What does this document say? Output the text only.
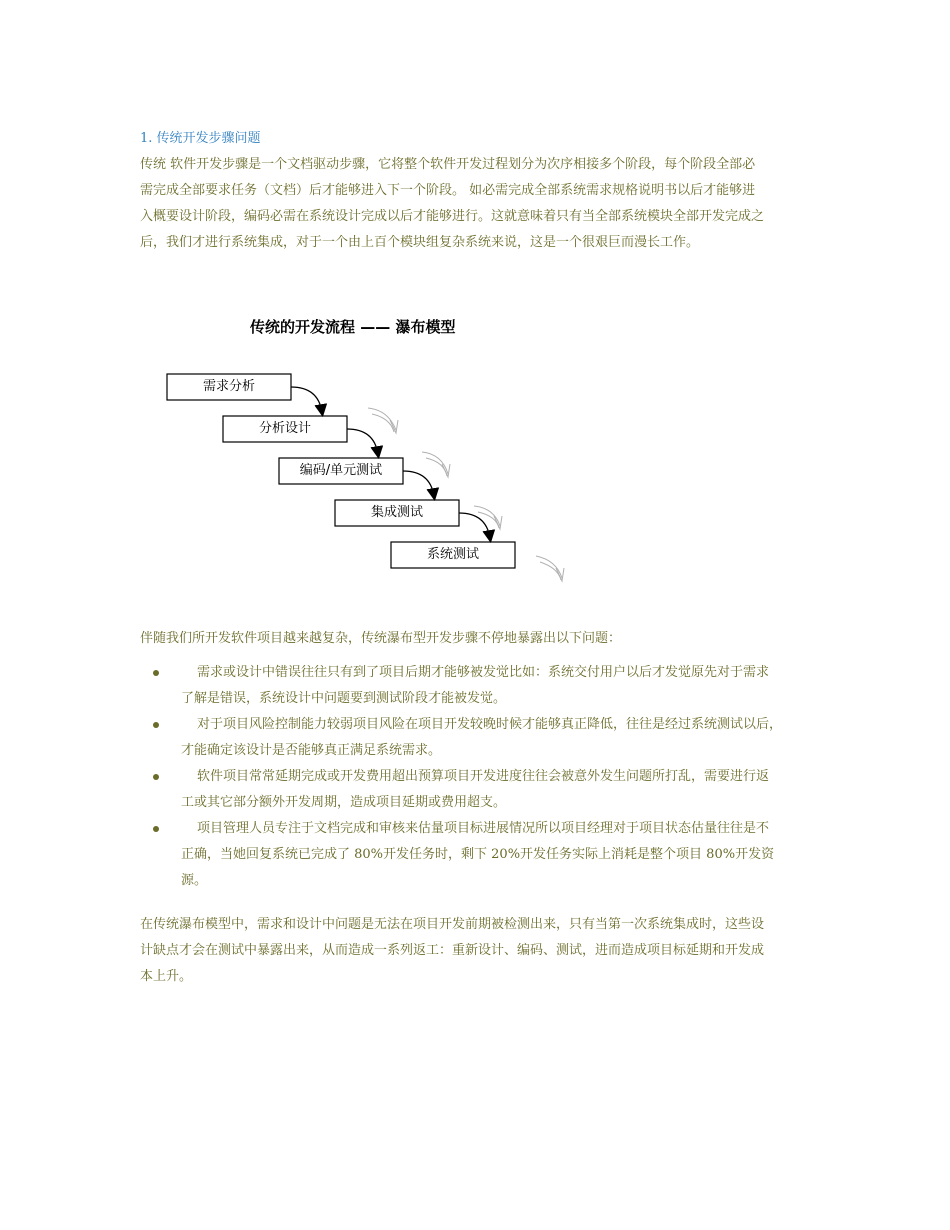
1. 传统开发步骤问题
传统 软件开发步骤是一个文档驱动步骤，它将整个软件开发过程划分为次序相接多个阶段，每个阶段全部必
需完成全部要求任务（文档）后才能够进入下一个阶段。 如必需完成全部系统需求规格说明书以后才能够进
入概要设计阶段，编码必需在系统设计完成以后才能够进行。这就意味着只有当全部系统模块全部开发完成之
后，我们才进行系统集成，对于一个由上百个模块组复杂系统来说，这是一个很艰巨而漫长工作。
传统的开发流程 —— 瀑布模型
需求分析
分析设计
编码/单元测试
集成测试
系统测试
伴随我们所开发软件项目越来越复杂，传统瀑布型开发步骤不停地暴露出以下问题：
需求或设计中错误往往只有到了项目后期才能够被发觉比如：系统交付用户以后才发觉原先对于需求
了解是错误，系统设计中问题要到测试阶段才能被发觉。
对于项目风险控制能力较弱项目风险在项目开发较晚时候才能够真正降低，往往是经过系统测试以后，
才能确定该设计是否能够真正满足系统需求。
软件项目常常延期完成或开发费用超出预算项目开发进度往往会被意外发生问题所打乱，需要进行返
工或其它部分额外开发周期，造成项目延期或费用超支。
项目管理人员专注于文档完成和审核来估量项目标进展情况所以项目经理对于项目状态估量往往是不
正确，当她回复系统已完成了 80%开发任务时，剩下 20%开发任务实际上消耗是整个项目 80%开发资
源。
在传统瀑布模型中，需求和设计中问题是无法在项目开发前期被检测出来，只有当第一次系统集成时，这些设
计缺点才会在测试中暴露出来，从而造成一系列返工：重新设计、编码、测试，进而造成项目标延期和开发成
本上升。
